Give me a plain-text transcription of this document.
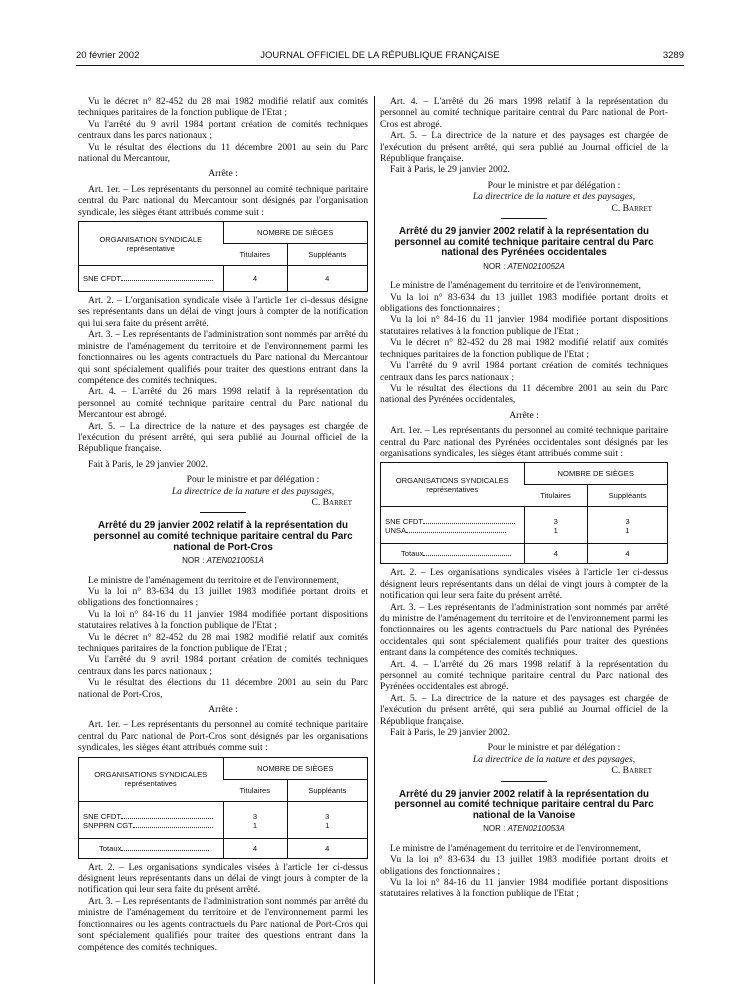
20 février 2002	JOURNAL OFFICIEL DE LA RÉPUBLIQUE FRANÇAISE	3289

Vu le décret n° 82-452 du 28 mai 1982 modifié relatif aux comités techniques paritaires de la fonction publique de l'Etat ;

Vu l'arrêté du 9 avril 1984 portant création de comités techniques centraux dans les parcs nationaux ;

Vu le résultat des élections du 11 décembre 2001 au sein du Parc national du Mercantour,

Arrête :

Art. 1er. – Les représentants du personnel au comité technique paritaire central du Parc national du Mercantour sont désignés par l'organisation syndicale, les sièges étant attribués comme suit :

ORGANISATION SYNDICALE
représentative	NOMBRE DE SIÈGES	
	Titulaires	Suppléants
SNE CFDT	4	4

Art. 2. – L'organisation syndicale visée à l'article 1er ci-dessus désigne ses représentants dans un délai de vingt jours à compter de la notification qui lui sera faite du présent arrêté.

Art. 3. – Les représentants de l'administration sont nommés par arrêté du ministre de l'aménagement du territoire et de l'environnement parmi les fonctionnaires ou les agents contractuels du Parc national du Mercantour qui sont spécialement qualifiés pour traiter des questions entrant dans la compétence des comités techniques.

Art. 4. – L'arrêté du 26 mars 1998 relatif à la représentation du personnel au comité technique paritaire central du Parc national du Mercantour est abrogé.

Art. 5. – La directrice de la nature et des paysages est chargée de l'exécution du présent arrêté, qui sera publié au Journal officiel de la République française.

Fait à Paris, le 29 janvier 2002.

Pour le ministre et par délégation :

La directrice de la nature et des paysages,

C. Barret

Arrêté du 29 janvier 2002 relatif à la représentation du personnel au comité technique paritaire central du Parc national de Port-Cros
NOR : ATEN0210051A

Le ministre de l'aménagement du territoire et de l'environnement,

Vu la loi n° 83-634 du 13 juillet 1983 modifiée portant droits et obligations des fonctionnaires ;

Vu la loi n° 84-16 du 11 janvier 1984 modifiée portant dispositions statutaires relatives à la fonction publique de l'Etat ;

Vu le décret n° 82-452 du 28 mai 1982 modifié relatif aux comités techniques paritaires de la fonction publique de l'Etat ;

Vu l'arrêté du 9 avril 1984 portant création de comités techniques centraux dans les parcs nationaux ;

Vu le résultat des élections du 11 décembre 2001 au sein du Parc national de Port-Cros,

Arrête :

Art. 1er. – Les représentants du personnel au comité technique paritaire central du Parc national de Port-Cros sont désignés par les organisations syndicales, les sièges étant attribués comme suit :

ORGANISATIONS SYNDICALES
représentatives	NOMBRE DE SIÈGES	
	Titulaires	Suppléants
SNE CFDT	3	3
SNPPRN CGT	1	1
Totaux	4	4

Art. 2. – Les organisations syndicales visées à l'article 1er ci-dessus désignent leurs représentants dans un délai de vingt jours à compter de la notification qui leur sera faite du présent arrêté.

Art. 3. – Les représentants de l'administration sont nommés par arrêté du ministre de l'aménagement du territoire et de l'environnement parmi les fonctionnaires ou les agents contractuels du Parc national de Port-Cros qui sont spécialement qualifiés pour traiter des questions entrant dans la compétence des comités techniques.

Art. 4. – L'arrêté du 26 mars 1998 relatif à la représentation du personnel au comité technique paritaire central du Parc national de Port-Cros est abrogé.

Art. 5. – La directrice de la nature et des paysages est chargée de l'exécution du présent arrêté, qui sera publié au Journal officiel de la République française.

Fait à Paris, le 29 janvier 2002.

Pour le ministre et par délégation :

La directrice de la nature et des paysages,

C. Barret

Arrêté du 29 janvier 2002 relatif à la représentation du personnel au comité technique paritaire central du Parc national des Pyrénées occidentales
NOR : ATEN0210052A

Le ministre de l'aménagement du territoire et de l'environnement,

Vu la loi n° 83-634 du 13 juillet 1983 modifiée portant droits et obligations des fonctionnaires ;

Vu la loi n° 84-16 du 11 janvier 1984 modifiée portant dispositions statutaires relatives à la fonction publique de l'Etat ;

Vu le décret n° 82-452 du 28 mai 1982 modifié relatif aux comités techniques paritaires de la fonction publique de l'Etat ;

Vu l'arrêté du 9 avril 1984 portant création de comités techniques centraux dans les parcs nationaux ;

Vu le résultat des élections du 11 décembre 2001 au sein du Parc national des Pyrénées occidentales,

Arrête :

Art. 1er. – Les représentants du personnel au comité technique paritaire central du Parc national des Pyrénées occidentales sont désignés par les organisations syndicales, les sièges étant attribués comme suit :

ORGANISATIONS SYNDICALES
représentatives	NOMBRE DE SIÈGES	
	Titulaires	Suppléants
SNE CFDT	3	3
UNSA	1	1
Totaux	4	4

Art. 2. – Les organisations syndicales visées à l'article 1er ci-dessus désignent leurs représentants dans un délai de vingt jours à compter de la notification qui leur sera faite du présent arrêté.

Art. 3. – Les représentants de l'administration sont nommés par arrêté du ministre de l'aménagement du territoire et de l'environnement parmi les fonctionnaires ou les agents contractuels du Parc national des Pyrénées occidentales qui sont spécialement qualifiés pour traiter des questions entrant dans la compétence des comités techniques.

Art. 4. – L'arrêté du 26 mars 1998 relatif à la représentation du personnel au comité technique paritaire central du Parc national des Pyrénées occidentales est abrogé.

Art. 5. – La directrice de la nature et des paysages est chargée de l'exécution du présent arrêté, qui sera publié au Journal officiel de la République française.

Fait à Paris, le 29 janvier 2002.

Pour le ministre et par délégation :

La directrice de la nature et des paysages,

C. Barret

Arrêté du 29 janvier 2002 relatif à la représentation du personnel au comité technique paritaire central du Parc national de la Vanoise
NOR : ATEN0210053A

Le ministre de l'aménagement du territoire et de l'environnement,

Vu la loi n° 83-634 du 13 juillet 1983 modifiée portant droits et obligations des fonctionnaires ;

Vu la loi n° 84-16 du 11 janvier 1984 modifiée portant dispositions statutaires relatives à la fonction publique de l'Etat ;
